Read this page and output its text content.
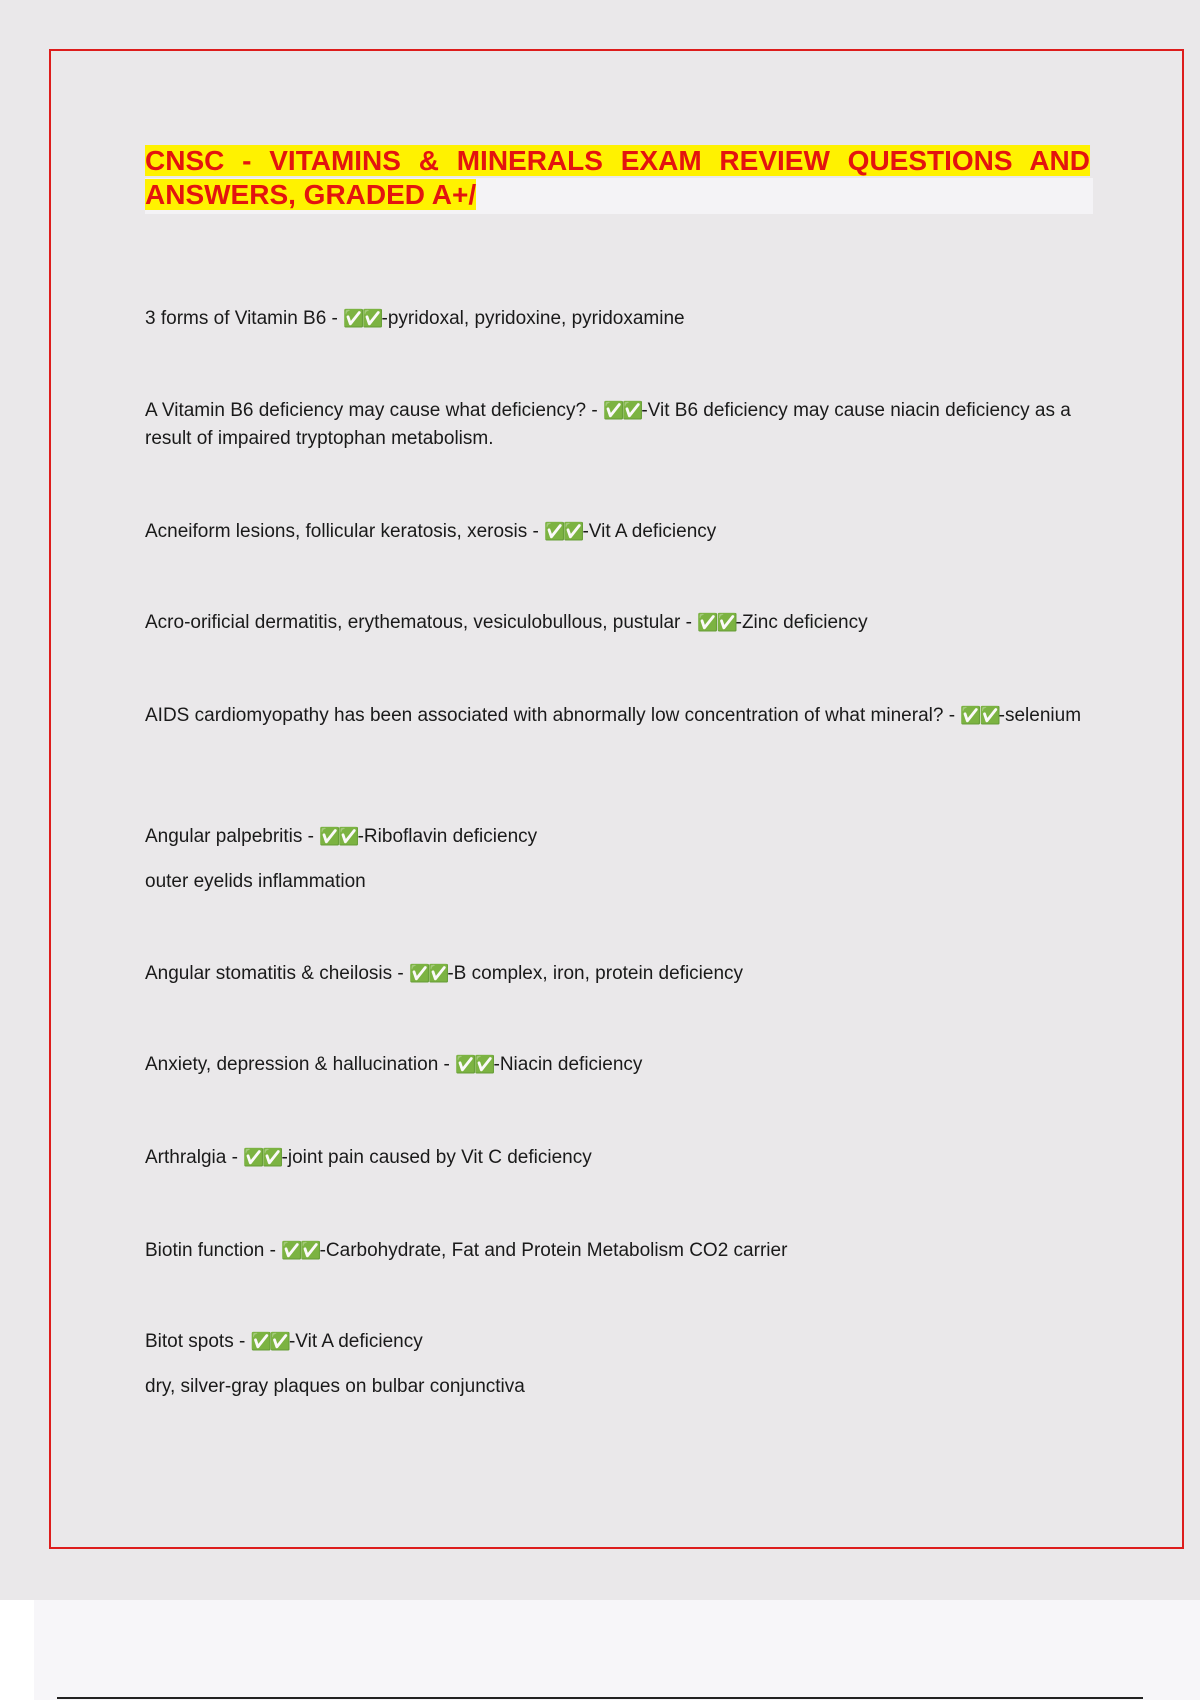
CNSC - VITAMINS & MINERALS EXAM REVIEW QUESTIONS AND ANSWERS, GRADED A+/

3 forms of Vitamin B6 - ✅✅-pyridoxal, pyridoxine, pyridoxamine

A Vitamin B6 deficiency may cause what deficiency? - ✅✅-Vit B6 deficiency may cause niacin deficiency as a result of impaired tryptophan metabolism.

Acneiform lesions, follicular keratosis, xerosis - ✅✅-Vit A deficiency

Acro-orificial dermatitis, erythematous, vesiculobullous, pustular - ✅✅-Zinc deficiency

AIDS cardiomyopathy has been associated with abnormally low concentration of what mineral? - ✅✅-selenium

Angular palpebritis - ✅✅-Riboflavin deficiency

outer eyelids inflammation

Angular stomatitis & cheilosis - ✅✅-B complex, iron, protein deficiency

Anxiety, depression & hallucination - ✅✅-Niacin deficiency

Arthralgia - ✅✅-joint pain caused by Vit C deficiency

Biotin function - ✅✅-Carbohydrate, Fat and Protein Metabolism CO2 carrier

Bitot spots - ✅✅-Vit A deficiency

dry, silver-gray plaques on bulbar conjunctiva
